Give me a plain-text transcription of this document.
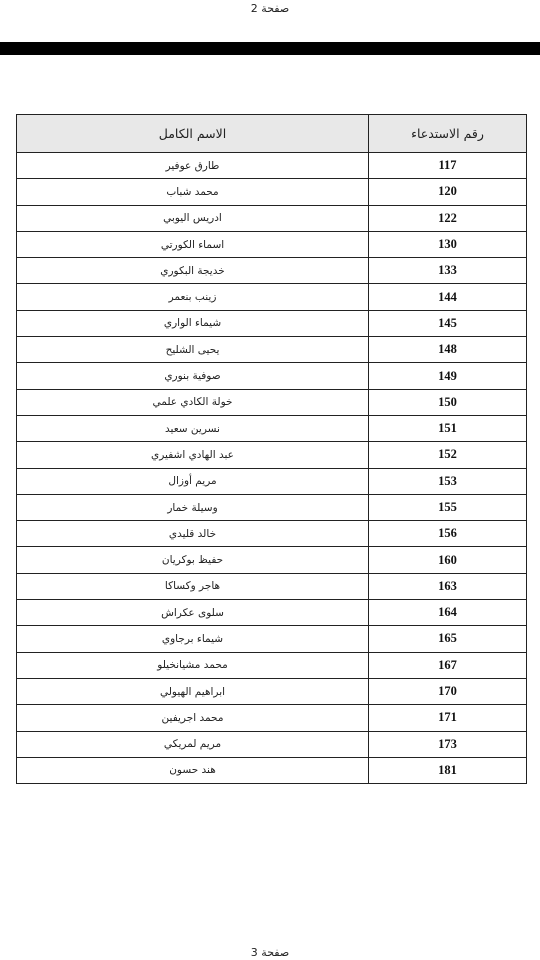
صفحة 2
الاسم الكامل	رقم الاستدعاء
طارق عوفير	117
محمد شباب	120
ادريس اليوبي	122
اسماء الكورتي	130
خديجة البكوري	133
زينب بنعمر	144
شيماء الواري	145
يحيى الشليح	148
صوفية بنوري	149
خولة الكادي علمي	150
نسرين سعيد	151
عبد الهادي اشفيري	152
مريم أوزال	153
وسيلة خمار	155
خالد قليدي	156
حفيظ بوكريان	160
هاجر وكساكا	163
سلوى عكراش	164
شيماء برجاوي	165
محمد مشيانخيلو	167
ابراهيم الهيولي	170
محمد اجريفين	171
مريم لمريكي	173
هند حسون	181
صفحة 3
